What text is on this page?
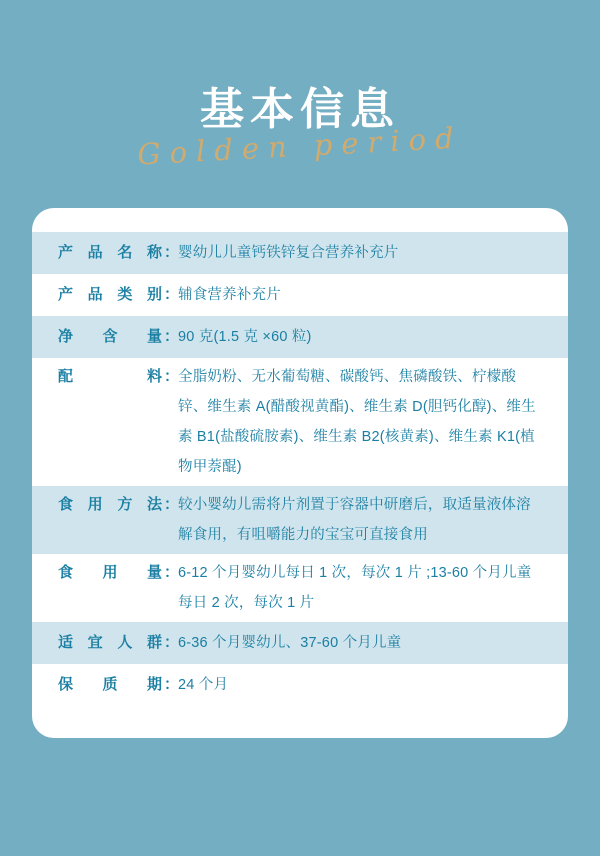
基本信息
Golden period
产品名称 ：
婴幼儿儿童钙铁锌复合营养补充片
产品类别 ：
辅食营养补充片
净 含 量 ：
90 克(1.5 克 ×60 粒)
配　 料 ：
全脂奶粉、无水葡萄糖、碳酸钙、焦磷酸铁、柠檬酸锌、维生素 A(醋酸视黄酯)、维生素 D(胆钙化醇)、维生素 B1(盐酸硫胺素)、维生素 B2(核黄素)、维生素 K1(植物甲萘醌)
食用方法 ：
较小婴幼儿需将片剂置于容器中研磨后，取适量液体溶解食用，有咀嚼能力的宝宝可直接食用
食 用 量 ：
6-12 个月婴幼儿每日 1 次，每次 1 片 ;13-60 个月儿童每日 2 次，每次 1 片
适宜人群 ：
6-36 个月婴幼儿、37-60 个月儿童
保 质 期 ：
24 个月
